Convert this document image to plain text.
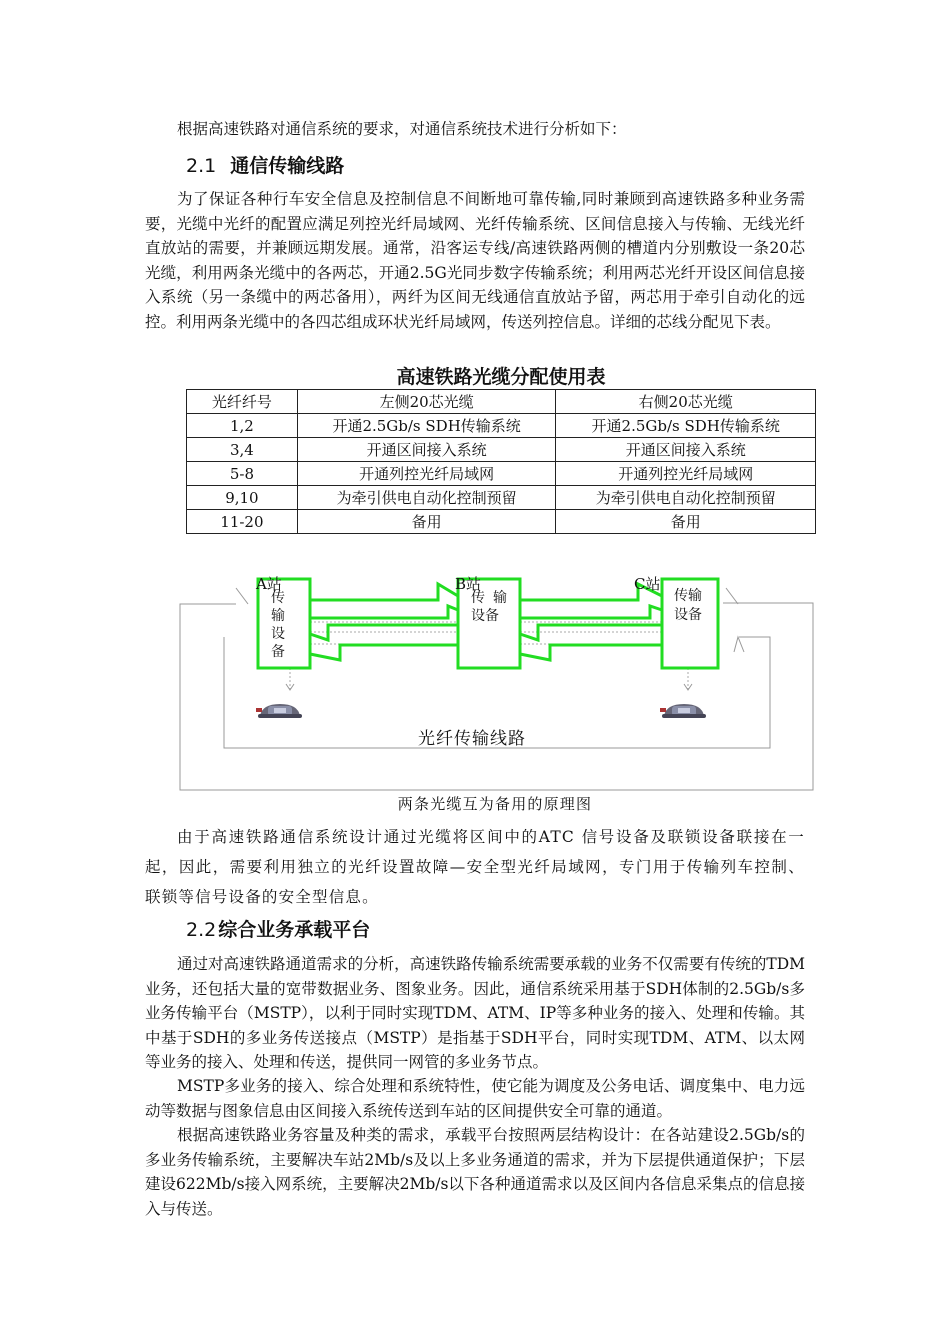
根据高速铁路对通信系统的要求，对通信系统技术进行分析如下：

2.1 通信传输线路

为了保证各种行车安全信息及控制信息不间断地可靠传输,同时兼顾到高速铁路多种业务需要，光缆中光纤的配置应满足列控光纤局域网、光纤传输系统、区间信息接入与传输、无线光纤直放站的需要，并兼顾远期发展。通常，沿客运专线/高速铁路两侧的槽道内分别敷设一条20芯光缆，利用两条光缆中的各两芯，开通2.5G光同步数字传输系统；利用两芯光纤开设区间信息接入系统（另一条缆中的两芯备用），两纤为区间无线通信直放站予留，两芯用于牵引自动化的远控。利用两条光缆中的各四芯组成环状光纤局域网，传送列控信息。详细的芯线分配见下表。

高速铁路光缆分配使用表
光纤纤号	左侧20芯光缆	右侧20芯光缆
1,2	开通2.5Gb/s SDH传输系统	开通2.5Gb/s SDH传输系统
3,4	开通区间接入系统	开通区间接入系统
5-8	开通列控光纤局域网	开通列控光纤局域网
9,10	为牵引供电自动化控制预留	为牵引供电自动化控制预留
11-20	备用	备用
A站	B站	C站
传
输
设
备
传 输
设备
传输
设备
光纤传输线路
两条光缆互为备用的原理图

由于高速铁路通信系统设计通过光缆将区间中的ATC 信号设备及联锁设备联接在一起，因此，需要利用独立的光纤设置故障—安全型光纤局域网，专门用于传输列车控制、联锁等信号设备的安全型信息。

2.2 综合业务承载平台

通过对高速铁路通道需求的分析，高速铁路传输系统需要承载的业务不仅需要有传统的TDM业务，还包括大量的宽带数据业务、图象业务。因此，通信系统采用基于SDH体制的2.5Gb/s多业务传输平台（MSTP），以利于同时实现TDM、ATM、IP等多种业务的接入、处理和传输。其中基于SDH的多业务传送接点（MSTP）是指基于SDH平台，同时实现TDM、ATM、以太网等业务的接入、处理和传送，提供同一网管的多业务节点。

MSTP多业务的接入、综合处理和系统特性，使它能为调度及公务电话、调度集中、电力远动等数据与图象信息由区间接入系统传送到车站的区间提供安全可靠的通道。

根据高速铁路业务容量及种类的需求，承载平台按照两层结构设计：在各站建设2.5Gb/s的多业务传输系统，主要解决车站2Mb/s及以上多业务通道的需求，并为下层提供通道保护；下层建设622Mb/s接入网系统，主要解决2Mb/s以下各种通道需求以及区间内各信息采集点的信息接入与传送。
